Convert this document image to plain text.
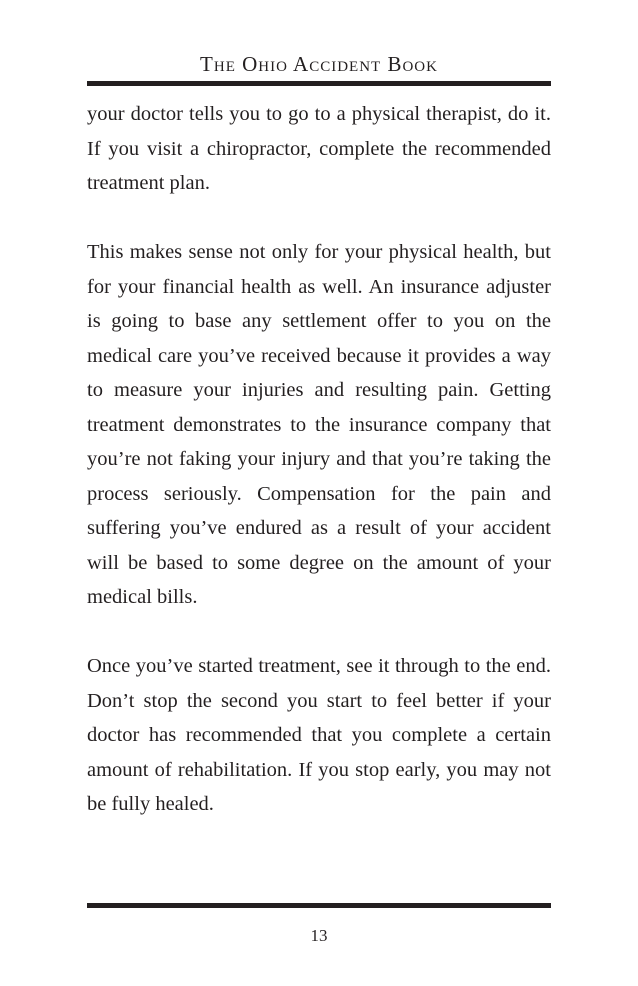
The Ohio Accident Book

your doctor tells you to go to a physical therapist, do it. If you visit a chiropractor, complete the recommended treatment plan.

This makes sense not only for your physical health, but for your financial health as well. An insurance adjuster is going to base any settlement offer to you on the medical care you’ve received because it provides a way to measure your injuries and resulting pain. Getting treatment demonstrates to the insurance company that you’re not faking your injury and that you’re taking the process seriously. Compensation for the pain and suffering you’ve endured as a result of your accident will be based to some degree on the amount of your medical bills.

Once you’ve started treatment, see it through to the end. Don’t stop the second you start to feel better if your doctor has recommended that you complete a certain amount of rehabilitation. If you stop early, you may not be fully healed.

13
